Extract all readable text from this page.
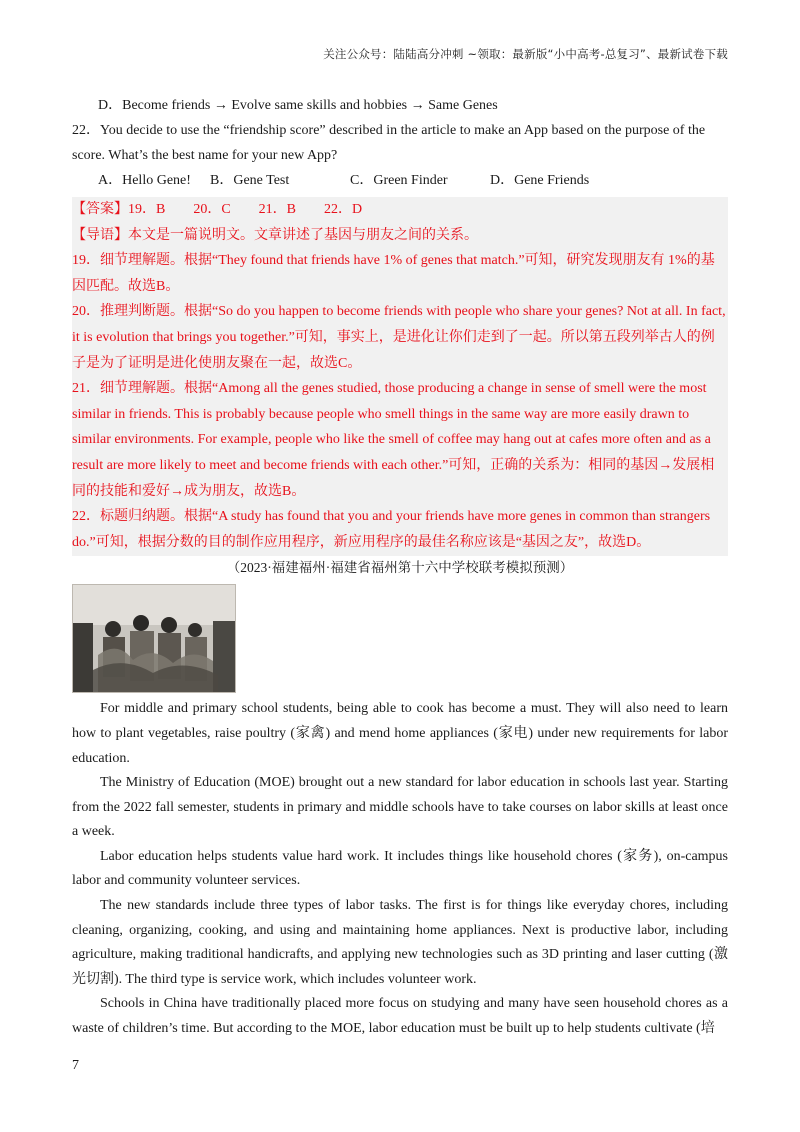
关注公众号：陆陆高分冲刺 ~领取：最新版“小中高考-总复习”、最新试卷下载

D．Become friends → Evolve same skills and hobbies → Same Genes

22．You decide to use the “friendship score” described in the article to make an App based on the purpose of the score. What’s the best name for your new App?

A．Hello Gene!	B．Gene Test	C．Green Finder	D．Gene Friends

【答案】19．B　　20．C　　21．B　　22．D

【导语】本文是一篇说明文。文章讲述了基因与朋友之间的关系。

19．细节理解题。根据“They found that friends have 1% of genes that match.”可知，研究发现朋友有 1%的基因匹配。故选B。

20．推理判断题。根据“So do you happen to become friends with people who share your genes? Not at all. In fact, it is evolution that brings you together.”可知，事实上，是进化让你们走到了一起。所以第五段列举古人的例子是为了证明是进化使朋友聚在一起，故选C。

21．细节理解题。根据“Among all the genes studied, those producing a change in sense of smell were the most similar in friends. This is probably because people who smell things in the same way are more easily drawn to similar environments. For example, people who like the smell of coffee may hang out at cafes more often and as a result are more likely to meet and become friends with each other.”可知，正确的关系为：相同的基因→发展相同的技能和爱好→成为朋友，故选B。

22．标题归纳题。根据“A study has found that you and your friends have more genes in common than strangers do.”可知，根据分数的目的制作应用程序，新应用程序的最佳名称应该是“基因之友”，故选D。

（2023·福建福州·福建省福州第十六中学校联考模拟预测）

For middle and primary school students, being able to cook has become a must. They will also need to learn how to plant vegetables, raise poultry (家禽) and mend home appliances (家电) under new requirements for labor education.

The Ministry of Education (MOE) brought out a new standard for labor education in schools last year. Starting from the 2022 fall semester, students in primary and middle schools have to take courses on labor skills at least once a week.

Labor education helps students value hard work. It includes things like household chores (家务), on-campus labor and community volunteer services.

The new standards include three types of labor tasks. The first is for things like everyday chores, including cleaning, organizing, cooking, and using and maintaining home appliances. Next is productive labor, including agriculture, making traditional handicrafts, and applying new technologies such as 3D printing and laser cutting (激光切割). The third type is service work, which includes volunteer work.

Schools in China have traditionally placed more focus on studying and many have seen household chores as a waste of children’s time. But according to the MOE, labor education must be built up to help students cultivate (培

7
